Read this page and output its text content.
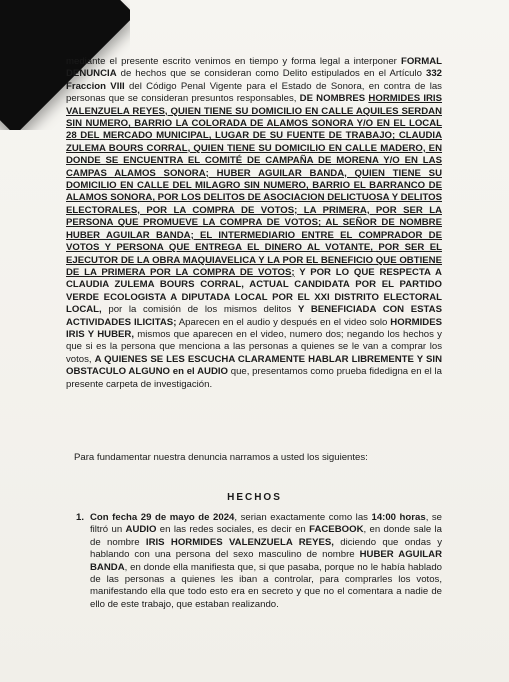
mediante el presente escrito venimos en tiempo y forma legal a interponer FORMAL DENUNCIA de hechos que se consideran como Delito estipulados en el Artículo 332 Fraccion VIII del Código Penal Vigente para el Estado de Sonora, en contra de las personas que se consideran presuntos responsables, DE NOMBRES HORMIDES IRIS VALENZUELA REYES, QUIEN TIENE SU DOMICILIO EN CALLE AQUILES SERDAN SIN NUMERO, BARRIO LA COLORADA DE ALAMOS SONORA Y/O EN EL LOCAL 28 DEL MERCADO MUNICIPAL, LUGAR DE SU FUENTE DE TRABAJO; CLAUDIA ZULEMA BOURS CORRAL, QUIEN TIENE SU DOMICILIO EN CALLE MADERO, EN DONDE SE ENCUENTRA EL COMITÉ DE CAMPAÑA DE MORENA Y/O EN LAS CAMPAS ALAMOS SONORA; HUBER AGUILAR BANDA, QUIEN TIENE SU DOMICILIO EN CALLE DEL MILAGRO SIN NUMERO, BARRIO EL BARRANCO DE ALAMOS SONORA, POR LOS DELITOS DE ASOCIACION DELICTUOSA Y DELITOS ELECTORALES, POR LA COMPRA DE VOTOS; LA PRIMERA, POR SER LA PERSONA QUE PROMUEVE LA COMPRA DE VOTOS; AL SEÑOR DE NOMBRE HUBER AGUILAR BANDA; EL INTERMEDIARIO ENTRE EL COMPRADOR DE VOTOS Y PERSONA QUE ENTREGA EL DINERO AL VOTANTE, POR SER EL EJECUTOR DE LA OBRA MAQUIAVELICA Y LA POR EL BENEFICIO QUE OBTIENE DE LA PRIMERA POR LA COMPRA DE VOTOS; Y POR LO QUE RESPECTA A CLAUDIA ZULEMA BOURS CORRAL, ACTUAL CANDIDATA POR EL PARTIDO VERDE ECOLOGISTA A DIPUTADA LOCAL POR EL XXI DISTRITO ELECTORAL LOCAL, por la comisión de los mismos delitos Y BENEFICIADA CON ESTAS ACTIVIDADES ILICITAS; Aparecen en el audio y después en el video solo HORMIDES IRIS Y HUBER, mismos que aparecen en el video, numero dos; negando los hechos y que si es la persona que menciona a las personas a quienes se le van a comprar los votos, A QUIENES SE LES ESCUCHA CLARAMENTE HABLAR LIBREMENTE Y SIN OBSTACULO ALGUNO en el AUDIO que, presentamos como prueba fidedigna en el la presente carpeta de investigación.

Para fundamentar nuestra denuncia narramos a usted los siguientes:
HECHOS
1. Con fecha 29 de mayo de 2024, serian exactamente como las 14:00 horas, se filtró un AUDIO en las redes sociales, es decir en FACEBOOK, en donde sale la de nombre IRIS HORMIDES VALENZUELA REYES, diciendo que ondas y hablando con una persona del sexo masculino de nombre HUBER AGUILAR BANDA, en donde ella manifiesta que, si que pasaba, porque no le había hablado de las personas a quienes les iban a controlar, para comprarles los votos, manifestando ella que todo esto era en secreto y que no el comentara a nadie de ello de este trabajo, que estaban realizando.
